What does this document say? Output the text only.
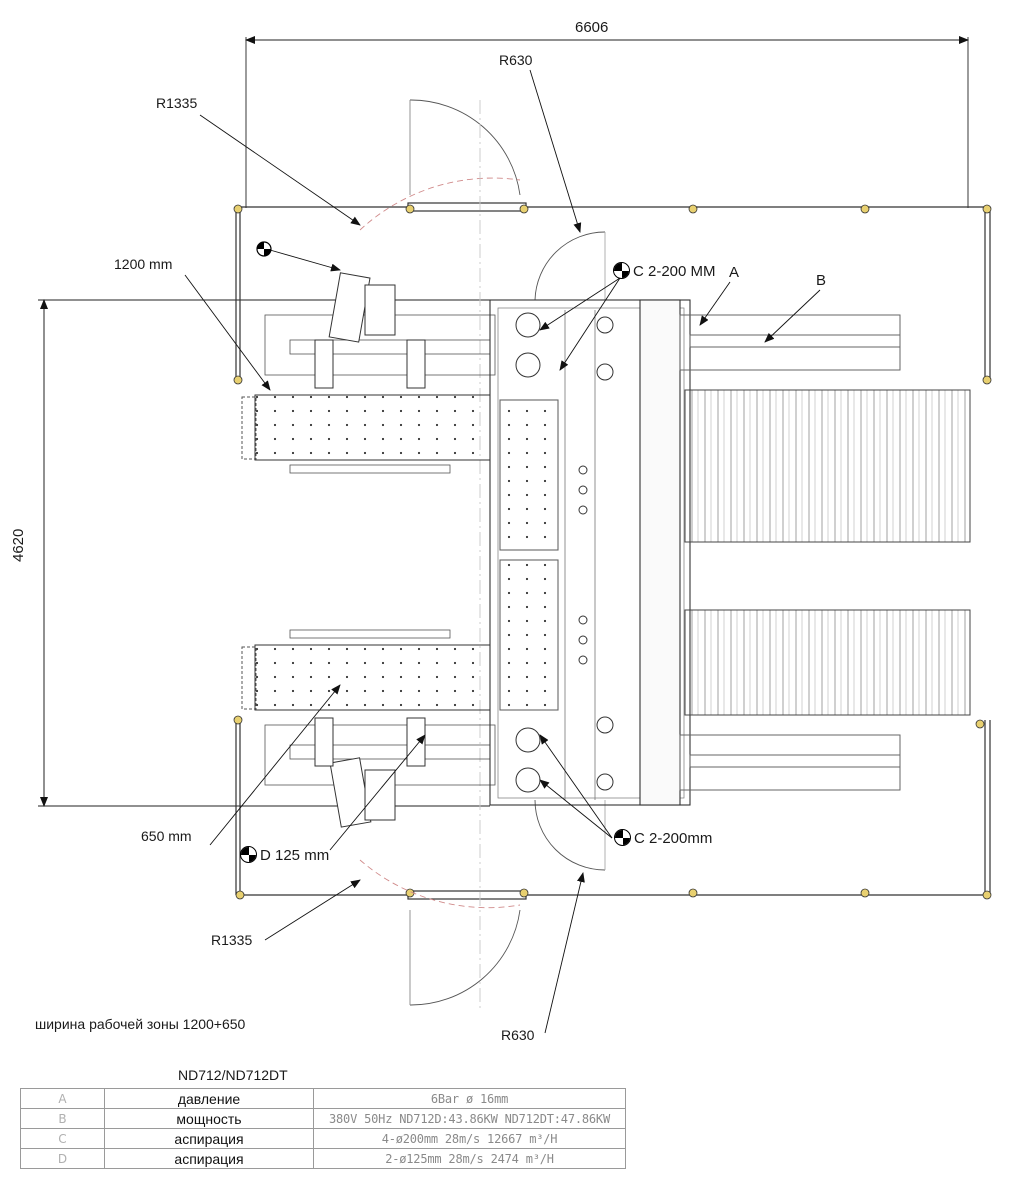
6606
4620
R630
R1335
1200 mm	C 2-200 MM A	B
650 mm	C 2-200mm
D 125 mm
R1335
R630
ширина рабочей зоны 1200+650
ND712/ND712DT
A	давление	6Bar ø 16mm
B	мощность	380V 50Hz ND712D:43.86KW ND712DT:47.86KW
C	аспирация	4-ø200mm 28m/s 12667 m³/H
D	аспирация	2-ø125mm 28m/s 2474 m³/H
